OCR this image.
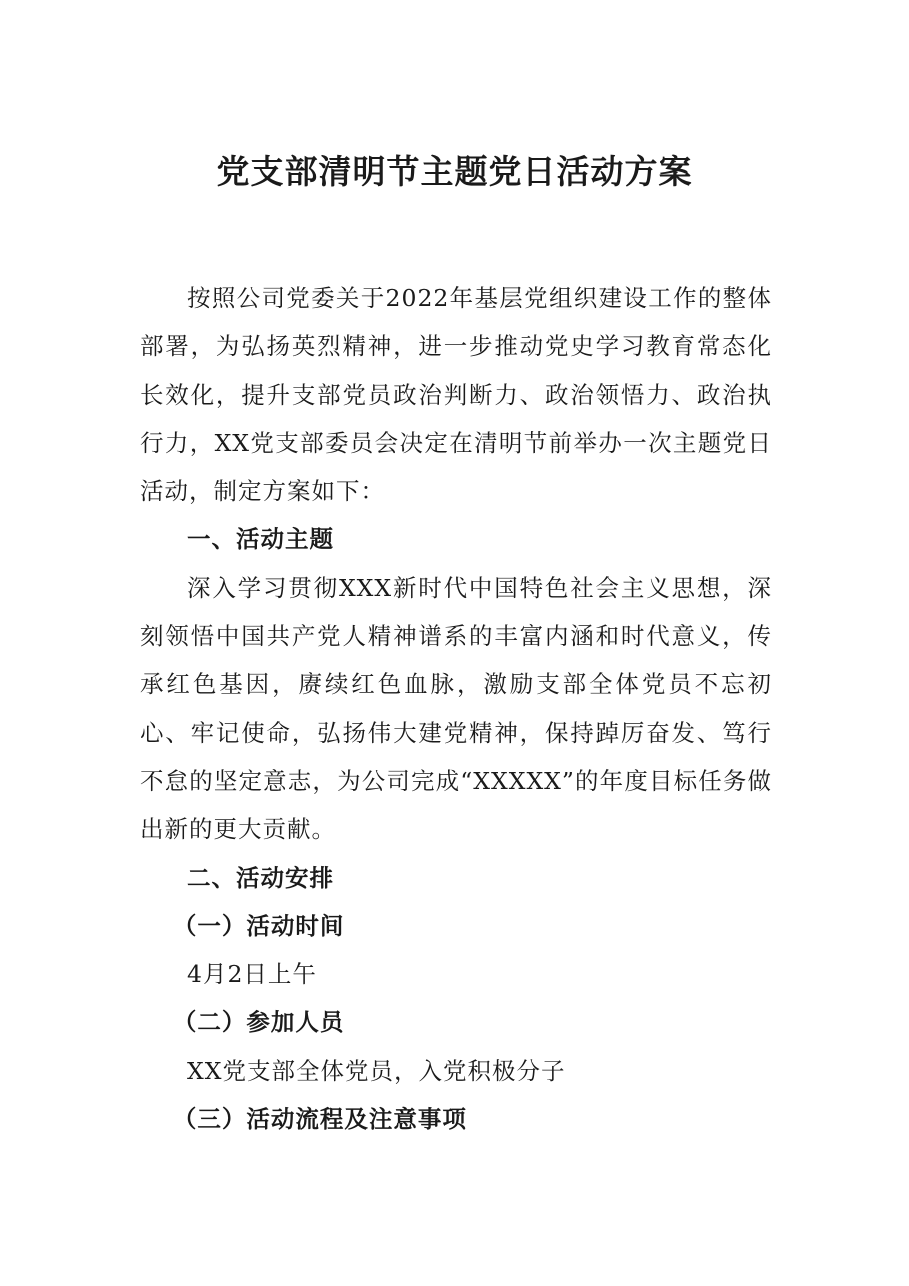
党支部清明节主题党日活动方案

按照公司党委关于2022年基层党组织建设工作的整体部署，为弘扬英烈精神，进一步推动党史学习教育常态化长效化，提升支部党员政治判断力、政治领悟力、政治执行力，XX党支部委员会决定在清明节前举办一次主题党日活动，制定方案如下：

一、活动主题

深入学习贯彻XXX新时代中国特色社会主义思想，深刻领悟中国共产党人精神谱系的丰富内涵和时代意义，传承红色基因，赓续红色血脉，激励支部全体党员不忘初心、牢记使命，弘扬伟大建党精神，保持踔厉奋发、笃行不怠的坚定意志，为公司完成“XXXXX”的年度目标任务做出新的更大贡献。

二、活动安排

（一）活动时间

4月2日上午

（二）参加人员

XX党支部全体党员，入党积极分子

（三）活动流程及注意事项
